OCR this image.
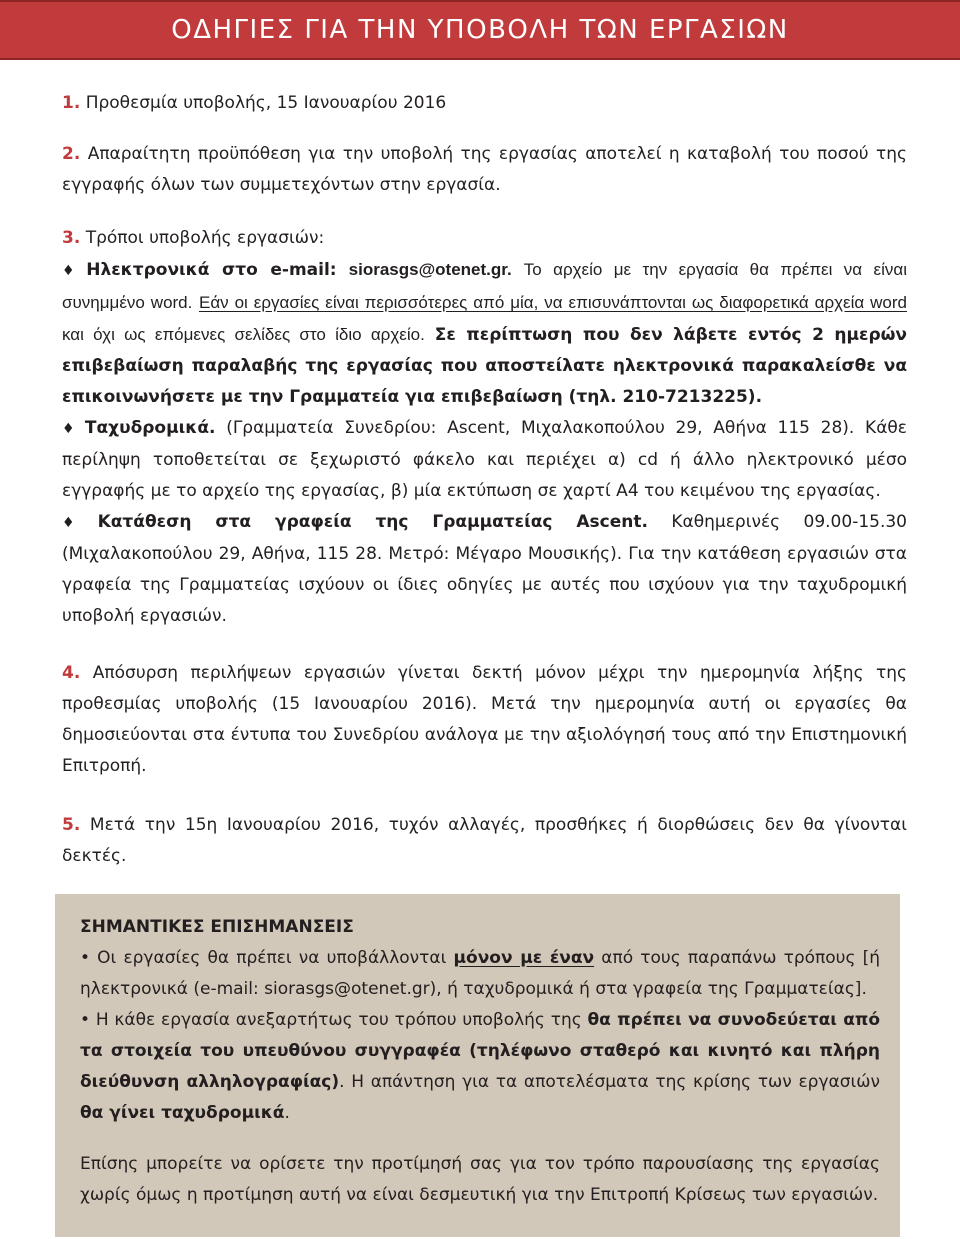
ΟΔΗΓΙΕΣ ΓΙΑ ΤΗΝ ΥΠΟΒΟΛΗ ΤΩΝ ΕΡΓΑΣΙΩΝ

1. Προθεσμία υποβολής, 15 Ιανουαρίου 2016

2. Απαραίτητη προϋπόθεση για την υποβολή της εργασίας αποτελεί η καταβολή του ποσού της εγγραφής όλων των συμμετεχόντων στην εργασία.

3. Τρόποι υποβολής εργασιών:

♦ Ηλεκτρονικά στο e-mail: siorasgs@otenet.gr. Το αρχείο με την εργασία θα πρέπει να είναι συνημμένο word. Εάν οι εργασίες είναι περισσότερες από μία, να επισυνάπτονται ως διαφορετικά αρχεία word και όχι ως επόμενες σελίδες στο ίδιο αρχείο. Σε περίπτωση που δεν λάβετε εντός 2 ημερών επιβεβαίωση παραλαβής της εργασίας που αποστείλατε ηλεκτρονικά παρακαλείσθε να επικοινωνήσετε με την Γραμματεία για επιβεβαίωση (τηλ. 210-7213225).

♦ Ταχυδρομικά. (Γραμματεία Συνεδρίου: Ascent, Μιχαλακοπούλου 29, Αθήνα 115 28). Κάθε περίληψη τοποθετείται σε ξεχωριστό φάκελο και περιέχει α) cd ή άλλο ηλεκτρονικό μέσο εγγραφής με το αρχείο της εργασίας, β) μία εκτύπωση σε χαρτί Α4 του κειμένου της εργασίας.

♦ Κατάθεση στα γραφεία της Γραμματείας Ascent. Καθημερινές 09.00-15.30 (Μιχαλακοπούλου 29, Αθήνα, 115 28. Μετρό: Μέγαρο Μουσικής). Για την κατάθεση εργασιών στα γραφεία της Γραμματείας ισχύουν οι ίδιες οδηγίες με αυτές που ισχύουν για την ταχυδρομική υποβολή εργασιών.

4. Απόσυρση περιλήψεων εργασιών γίνεται δεκτή μόνον μέχρι την ημερομηνία λήξης της προθεσμίας υποβολής (15 Ιανουαρίου 2016). Μετά την ημερομηνία αυτή οι εργασίες θα δημοσιεύονται στα έντυπα του Συνεδρίου ανάλογα με την αξιολόγησή τους από την Επιστημονική Επιτροπή.

5. Μετά την 15η Ιανουαρίου 2016, τυχόν αλλαγές, προσθήκες ή διορθώσεις δεν θα γίνονται δεκτές.

ΣΗΜΑΝΤΙΚΕΣ ΕΠΙΣΗΜΑΝΣΕΙΣ

• Οι εργασίες θα πρέπει να υποβάλλονται μόνον με έναν από τους παραπάνω τρόπους [ή ηλεκτρονικά (e-mail: siorasgs@otenet.gr), ή ταχυδρομικά ή στα γραφεία της Γραμματείας].

• Η κάθε εργασία ανεξαρτήτως του τρόπου υποβολής της θα πρέπει να συνοδεύεται από τα στοιχεία του υπευθύνου συγγραφέα (τηλέφωνο σταθερό και κινητό και πλήρη διεύθυνση αλληλογραφίας). Η απάντηση για τα αποτελέσματα της κρίσης των εργασιών θα γίνει ταχυδρομικά.

Επίσης μπορείτε να ορίσετε την προτίμησή σας για τον τρόπο παρουσίασης της εργασίας χωρίς όμως η προτίμηση αυτή να είναι δεσμευτική για την Επιτροπή Κρίσεως των εργασιών.
